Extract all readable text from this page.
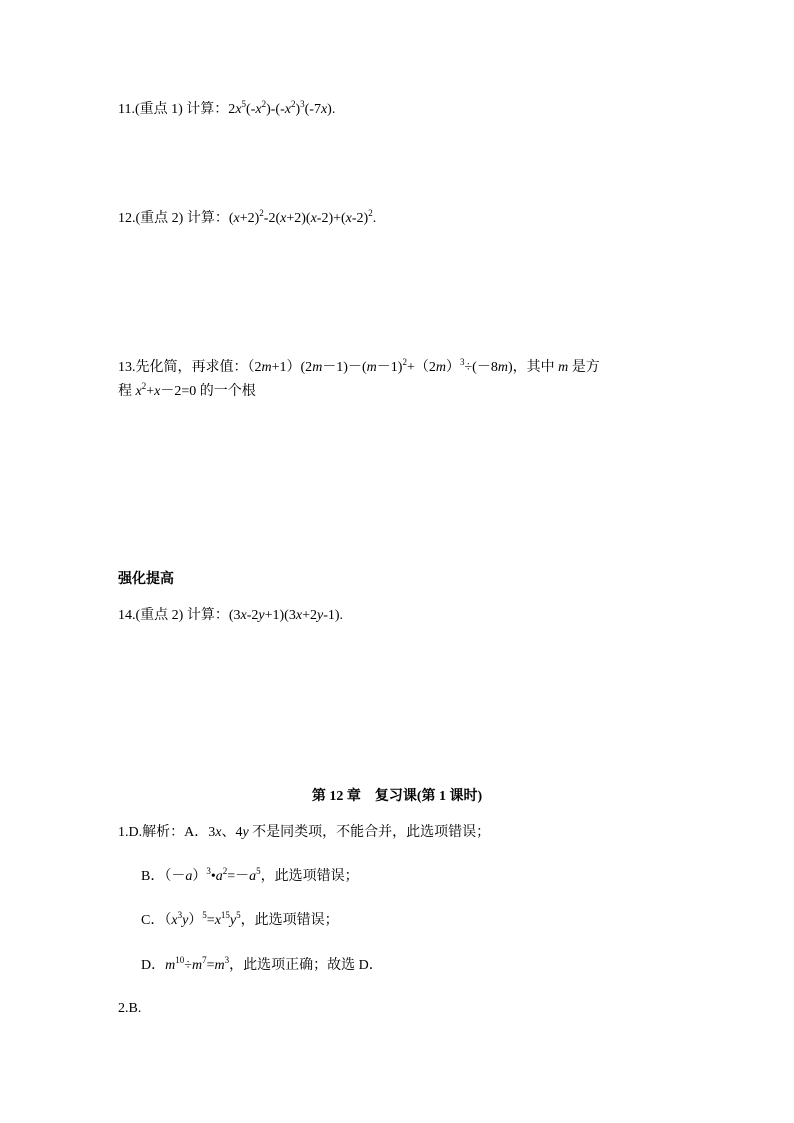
11.(重点 1) 计算：$2x^5(-x^2)-(-x^2)^3(-7x)$.
12.(重点 2) 计算：$(x+2)^2-2(x+2)(x-2)+(x-2)^2$.
13.先化简，再求值：$(2m+1)(2m-1)-(m-1)^2+(2m)^3\div(-8m)$，其中 m 是方
程 $x^2+x-2=0$ 的一个根
强化提高
14.(重点 2) 计算：(3x-2y+1)(3x+2y-1).
第 12 章　复习课(第 1 课时)
1.D.解析：A．3x、4y 不是同类项，不能合并，此选项错误；
B．$(-a)^3•a^2=-a^5$，此选项错误；
C．$(x^3y)^5=x^{15}y^5$，此选项错误；
D．$m^{10}\div m^7=m^3$，此选项正确；故选 D．
2.B.
